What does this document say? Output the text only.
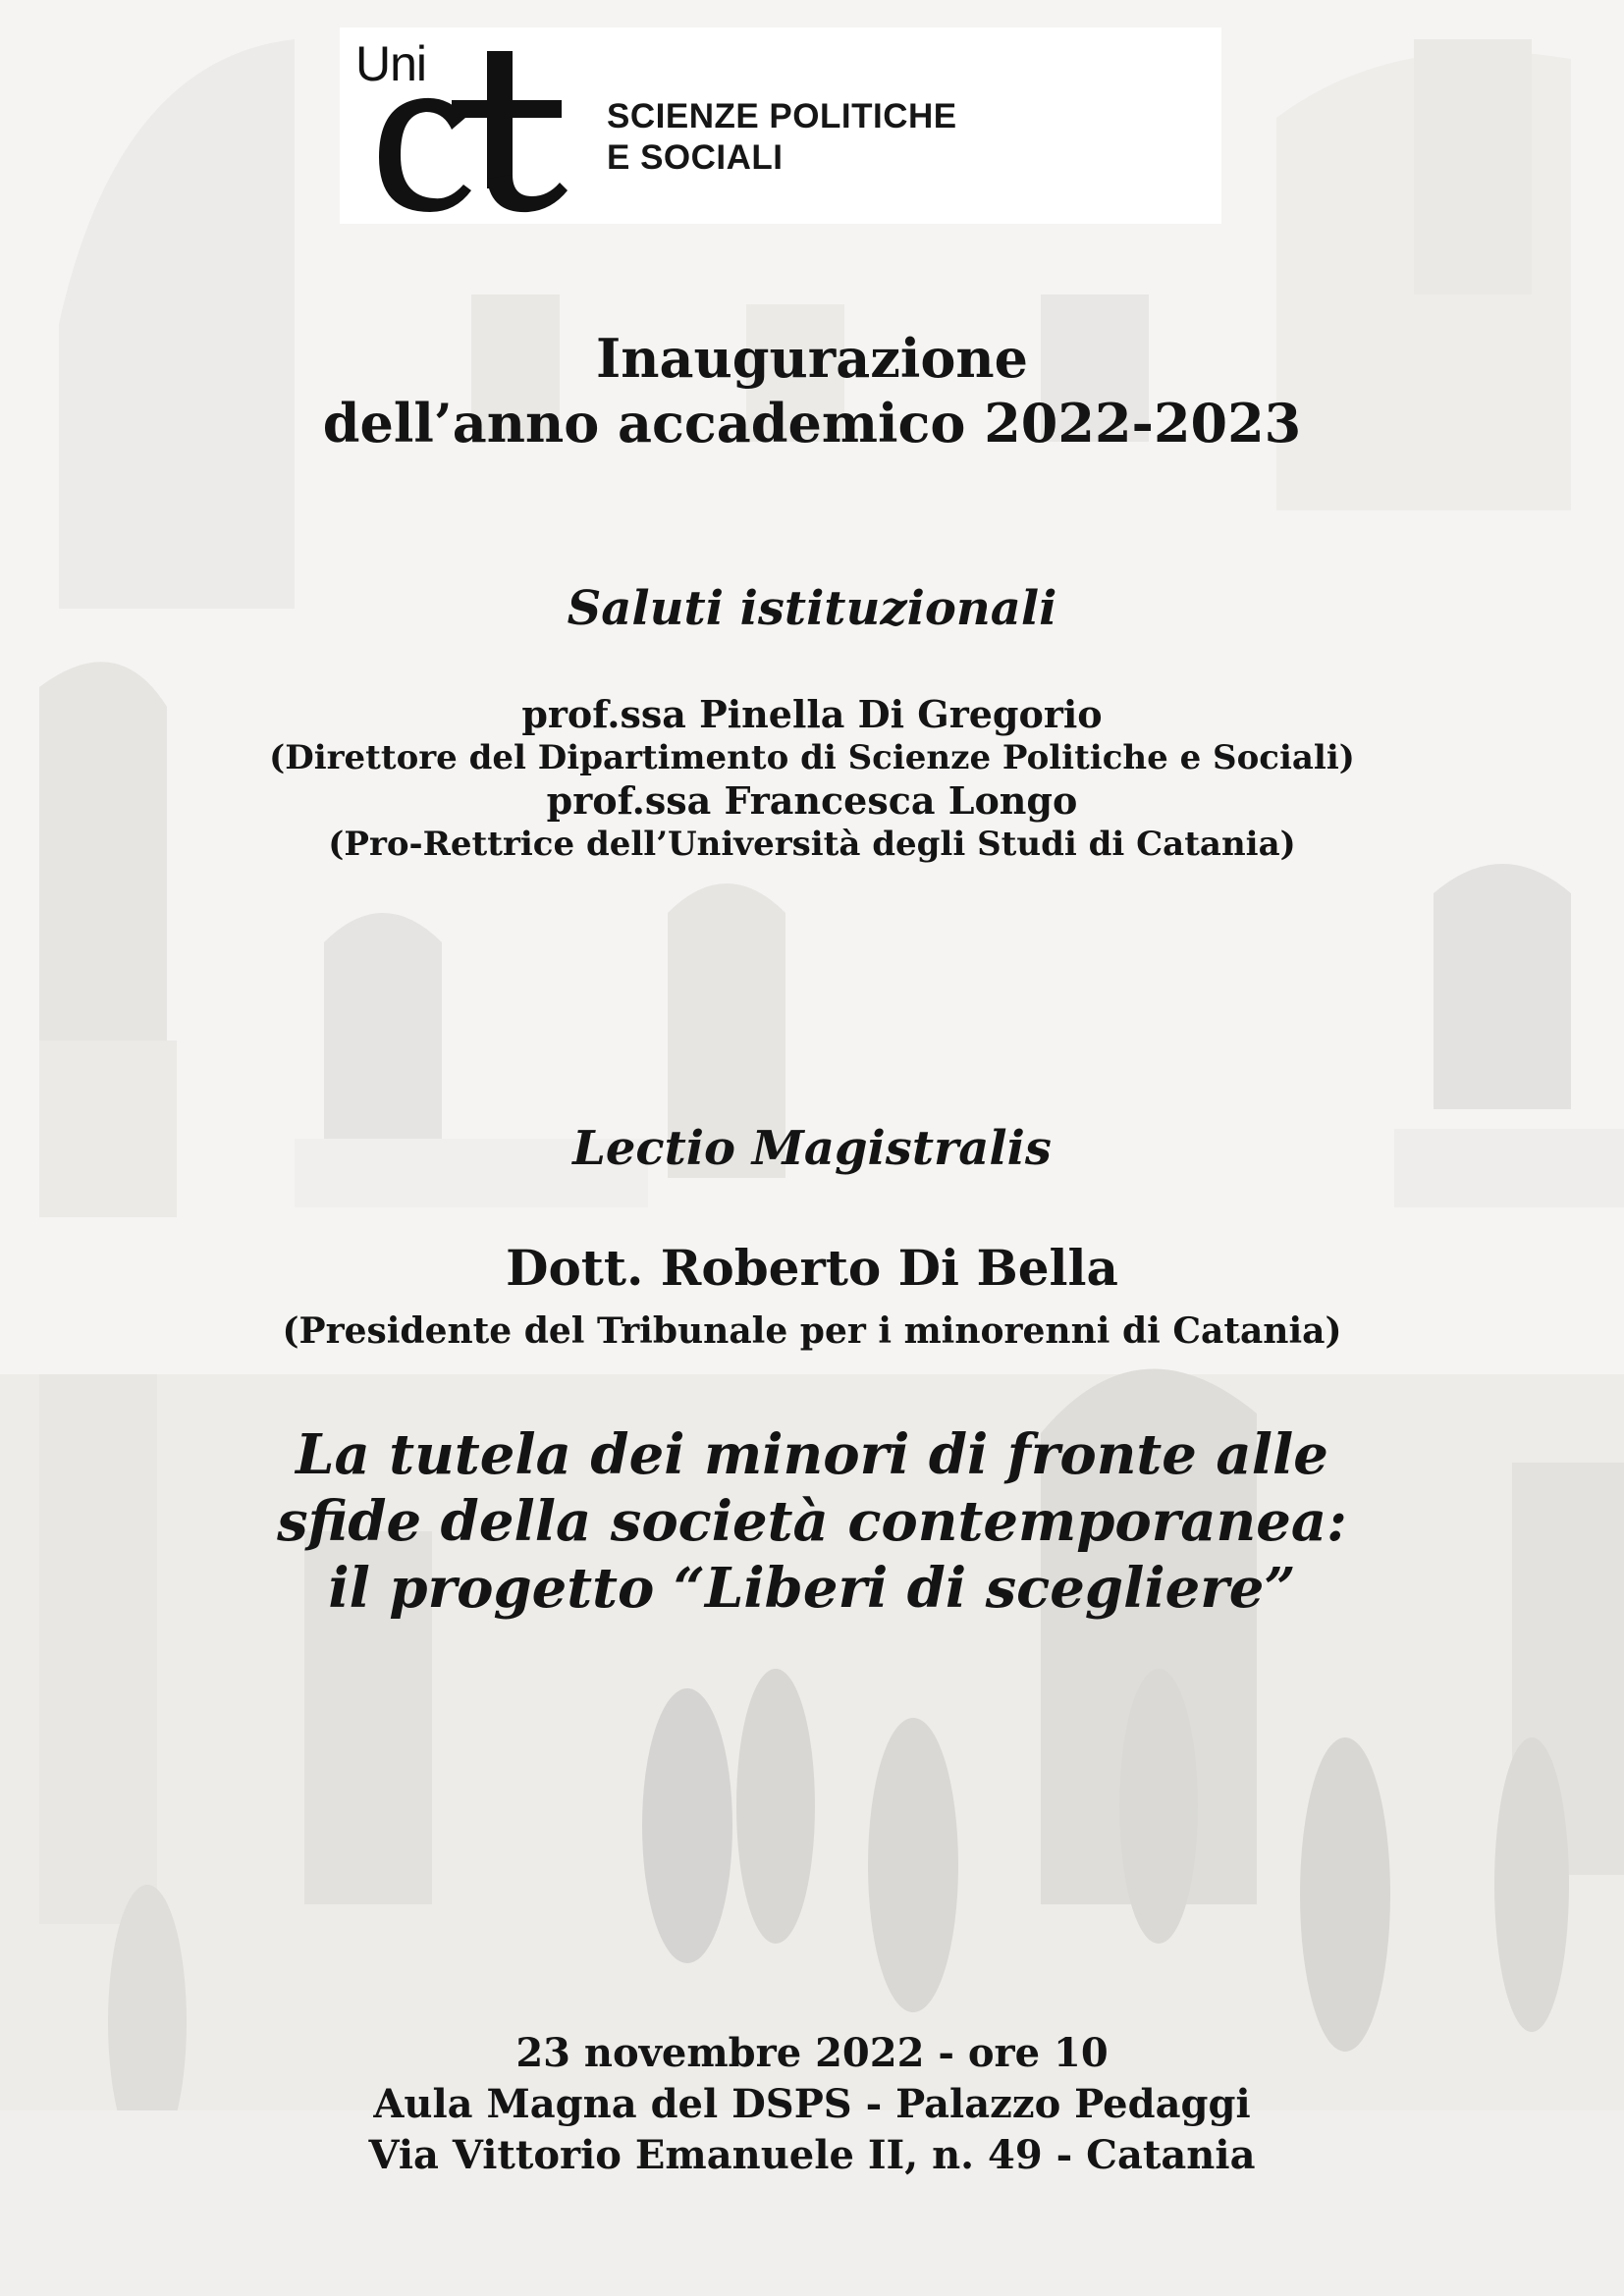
Uni
SCIENZE POLITICHE
E SOCIALI
Inaugurazione
dell’anno accademico 2022-2023
Saluti istituzionali
prof.ssa Pinella Di Gregorio
(Direttore del Dipartimento di Scienze Politiche e Sociali)
prof.ssa Francesca Longo
(Pro-Rettrice dell’Università degli Studi di Catania)
Lectio Magistralis
Dott. Roberto Di Bella
(Presidente del Tribunale per i minorenni di Catania)
La tutela dei minori di fronte alle
sfide della società contemporanea:
il progetto “Liberi di scegliere”
23 novembre 2022 - ore 10
Aula Magna del DSPS - Palazzo Pedaggi
Via Vittorio Emanuele II, n. 49 - Catania
